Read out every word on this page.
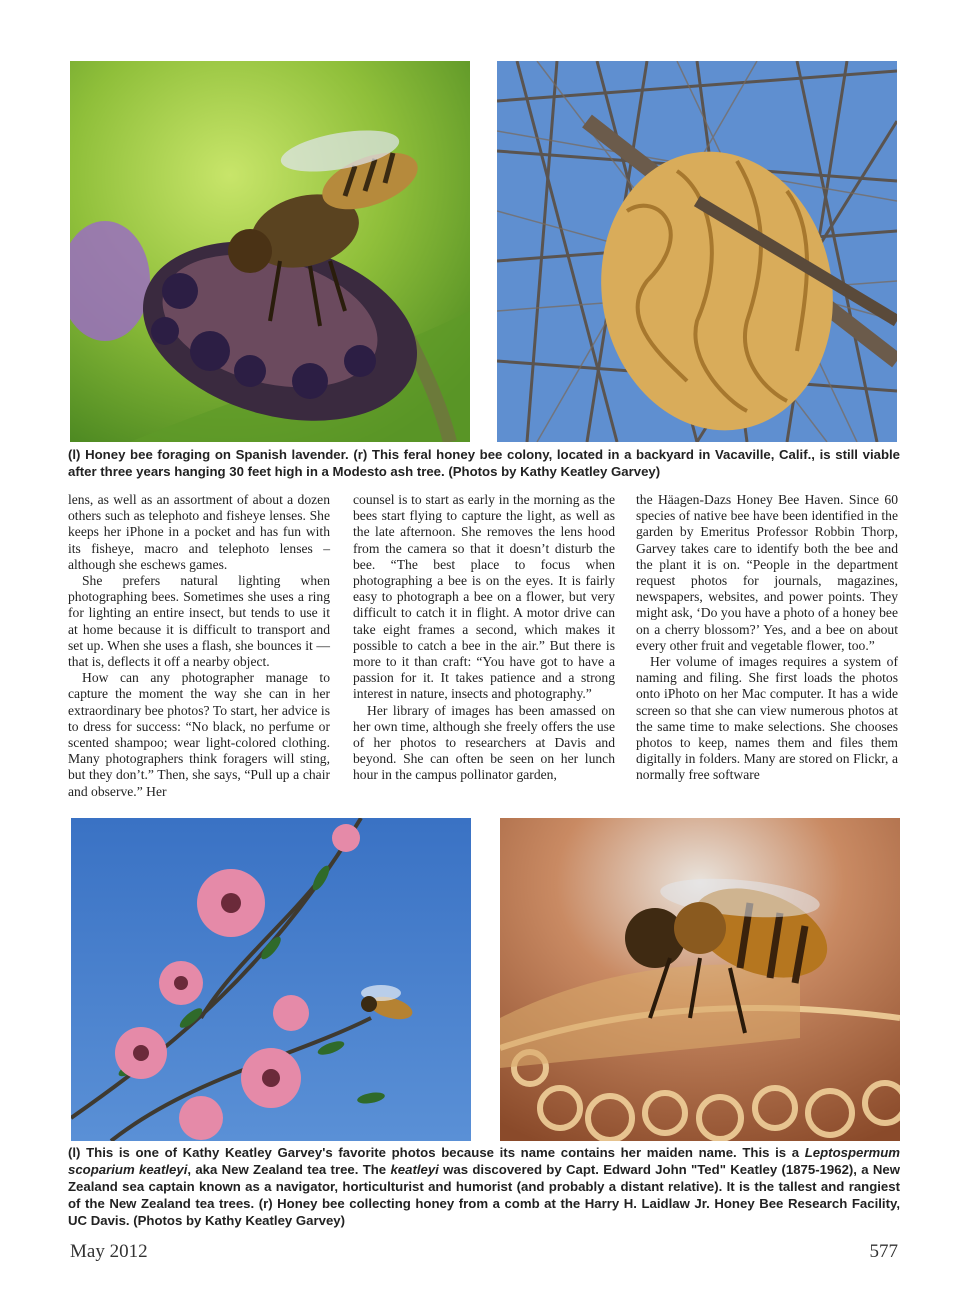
(l) Honey bee foraging on Spanish lavender. (r) This feral honey bee colony, located in a backyard in Vacaville, Calif., is still viable after three years hanging 30 feet high in a Modesto ash tree. (Photos by Kathy Keatley Garvey)

lens, as well as an assortment of about a dozen others such as telephoto and fisheye lenses. She keeps her iPhone in a pocket and has fun with its fisheye, macro and telephoto lenses – although she eschews games.

She prefers natural lighting when photographing bees. Sometimes she uses a ring for lighting an entire insect, but tends to use it at home because it is difficult to transport and set up. When she uses a flash, she bounces it — that is, deflects it off a nearby object.

How can any photographer manage to capture the moment the way she can in her extraordinary bee photos? To start, her advice is to dress for success: “No black, no perfume or scented shampoo; wear light-colored clothing. Many photographers think foragers will sting, but they don’t.” Then, she says, “Pull up a chair and observe.” Her

counsel is to start as early in the morning as the bees start flying to capture the light, as well as the late afternoon. She removes the lens hood from the camera so that it doesn’t disturb the bee. “The best place to focus when photographing a bee is on the eyes. It is fairly easy to photograph a bee on a flower, but very difficult to catch it in flight. A motor drive can take eight frames a second, which makes it possible to catch a bee in the air.” But there is more to it than craft: “You have got to have a passion for it. It takes patience and a strong interest in nature, insects and photography.”

Her library of images has been amassed on her own time, although she freely offers the use of her photos to researchers at Davis and beyond. She can often be seen on her lunch hour in the campus pollinator garden,

the Häagen-Dazs Honey Bee Haven. Since 60 species of native bee have been identified in the garden by Emeritus Professor Robbin Thorp, Garvey takes care to identify both the bee and the plant it is on. “People in the department request photos for journals, magazines, newspapers, websites, and power points. They might ask, ‘Do you have a photo of a honey bee on a cherry blossom?’ Yes, and a bee on about every other fruit and vegetable flower, too.”

Her volume of images requires a system of naming and filing. She first loads the photos onto iPhoto on her Mac computer. It has a wide screen so that she can view numerous photos at the same time to make selections. She chooses photos to keep, names them and files them digitally in folders. Many are stored on Flickr, a normally free software

(l) This is one of Kathy Keatley Garvey's favorite photos because its name contains her maiden name. This is a Leptospermum scoparium keatleyi, aka New Zealand tea tree. The keatleyi was discovered by Capt. Edward John "Ted" Keatley (1875-1962), a New Zealand sea captain known as a navigator, horticulturist and humorist (and probably a distant relative). It is the tallest and rangiest of the New Zealand tea trees. (r) Honey bee collecting honey from a comb at the Harry H. Laidlaw Jr. Honey Bee Research Facility, UC Davis. (Photos by Kathy Keatley Garvey)
May 2012	577
